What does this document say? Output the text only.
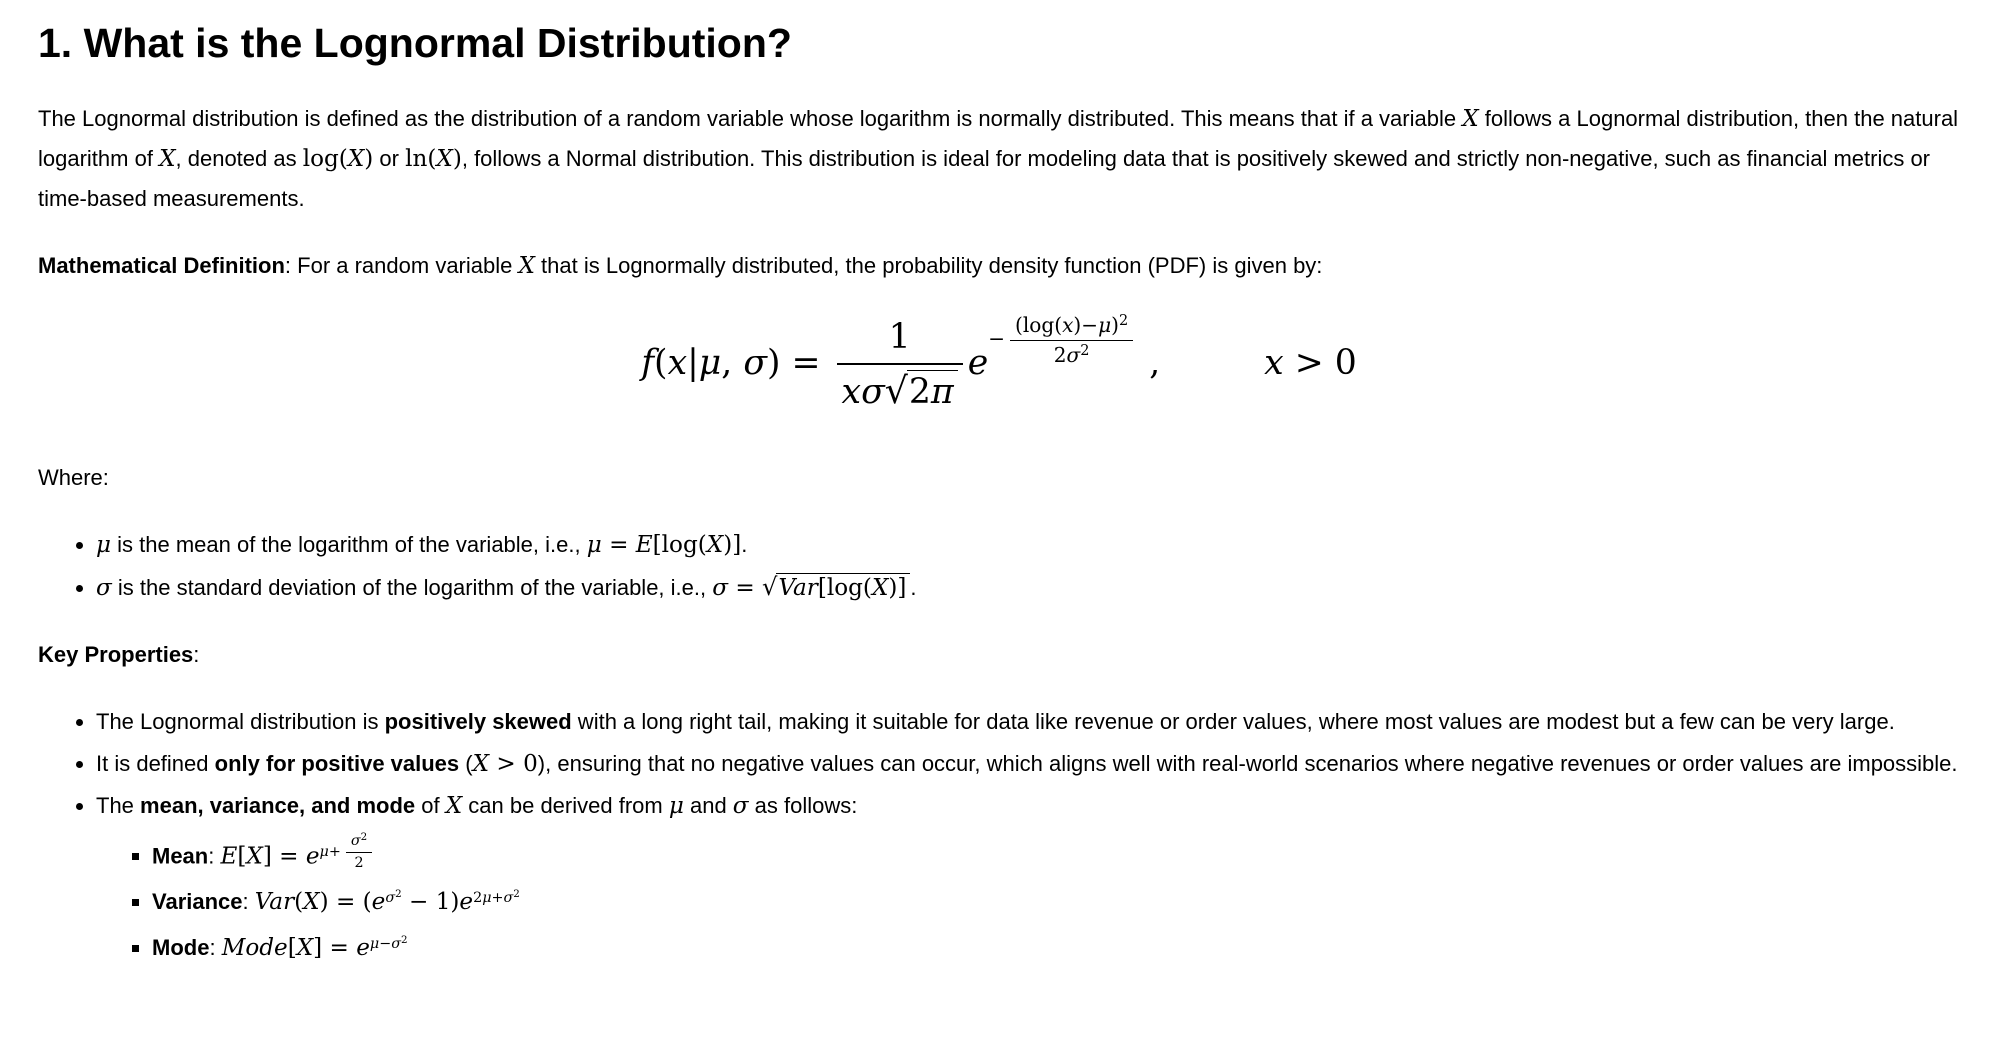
1. What is the Lognormal Distribution?

The Lognormal distribution is defined as the distribution of a random variable whose logarithm is normally distributed. This means that if a variable X follows a Lognormal distribution, then the natural logarithm of X, denoted as log(X) or ln(X), follows a Normal distribution. This distribution is ideal for modeling data that is positively skewed and strictly non-negative, such as financial metrics or time-based measurements.

Mathematical Definition: For a random variable X that is Lognormally distributed, the probability density function (PDF) is given by:

f(x|μ, $\sigma) = \frac{1}{x\sigma√2\pi} e- \frac{(\log(x)-\mu)2}{2\sigma 2}$ ,   x > 0

Where:

• μ is the mean of the logarithm of the variable, i.e., μ = E[log(X)].
• σ is the standard deviation of the logarithm of the variable, i.e., σ = √Var[log(X)] .

Key Properties:

• The Lognormal distribution is positively skewed with a long right tail, making it suitable for data like revenue or order values, where most values are modest but a few can be very large.
• It is defined only for positive values (X > 0), ensuring that no negative values can occur, which aligns well with real-world scenarios where negative revenues or order values are impossible.
• The mean, variance, and mode of X can be derived from μ and σ as follows:
▪ Mean: $E[X] = e\mu+ \frac{\sigma 2}{2}$
▪ Variance: Var(X) = (eσ2 − 1)e2μ+σ2
▪ Mode: Mode[X] = eμ−σ2
